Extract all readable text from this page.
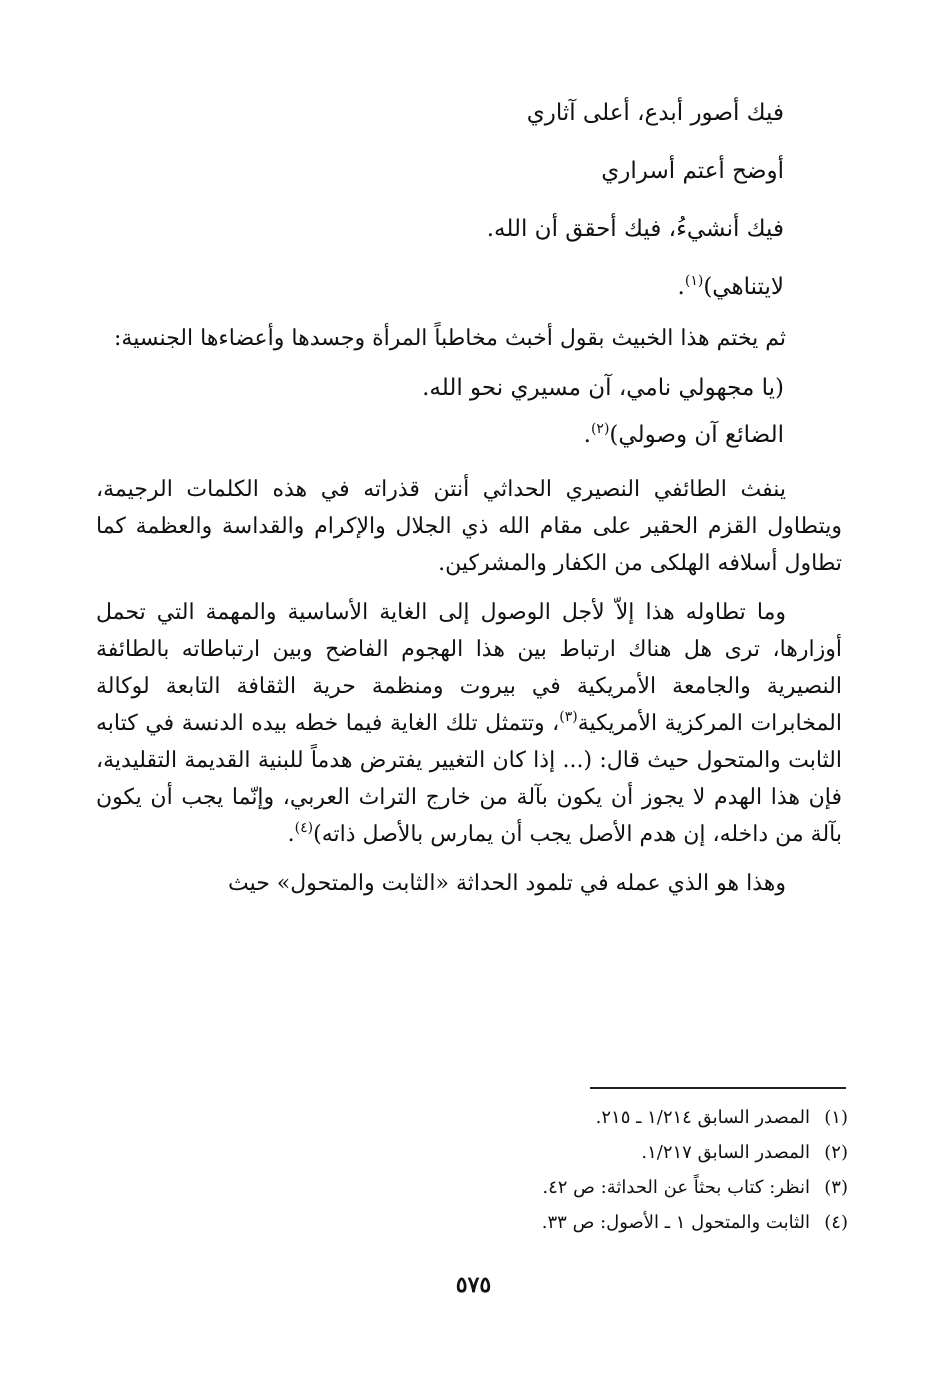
فيك أصور أبدع، أعلى آثاري
أوضح أعتم أسراري
فيك أنشيءُ، فيك أحقق أن الله.
لايتناهي)$^{(١)}$.

ثم يختم هذا الخبيث بقول أخبث مخاطباً المرأة وجسدها وأعضاءها الجنسية:

(يا مجهولي نامي، آن مسيري نحو الله.
الضائع آن وصولي)$^{(٢)}$.

ينفث الطائفي النصيري الحداثي أنتن قذراته في هذه الكلمات الرجيمة، ويتطاول القزم الحقير على مقام الله ذي الجلال والإكرام والقداسة والعظمة كما تطاول أسلافه الهلكى من الكفار والمشركين.

وما تطاوله هذا إلاّ لأجل الوصول إلى الغاية الأساسية والمهمة التي تحمل أوزارها، ترى هل هناك ارتباط بين هذا الهجوم الفاضح وبين ارتباطاته بالطائفة النصيرية والجامعة الأمريكية في بيروت ومنظمة حرية الثقافة التابعة لوكالة المخابرات المركزية الأمريكية$^{(٣)}$، وتتمثل تلك الغاية فيما خطه بيده الدنسة في كتابه الثابت والمتحول حيث قال: (... إذا كان التغيير يفترض هدماً للبنية القديمة التقليدية، فإن هذا الهدم لا يجوز أن يكون بآلة من خارج التراث العربي، وإنّما يجب أن يكون بآلة من داخله، إن هدم الأصل يجب أن يمارس بالأصل ذاته)$^{(٤)}$.

وهذا هو الذي عمله في تلمود الحداثة «الثابت والمتحول» حيث

(١)المصدر السابق ١/٢١٤ ـ ٢١٥.
(٢)المصدر السابق ١/٢١٧.
(٣)انظر: كتاب بحثاً عن الحداثة: ص ٤٢.
(٤)الثابت والمتحول ١ ـ الأصول: ص ٣٣.
٥٧٥
